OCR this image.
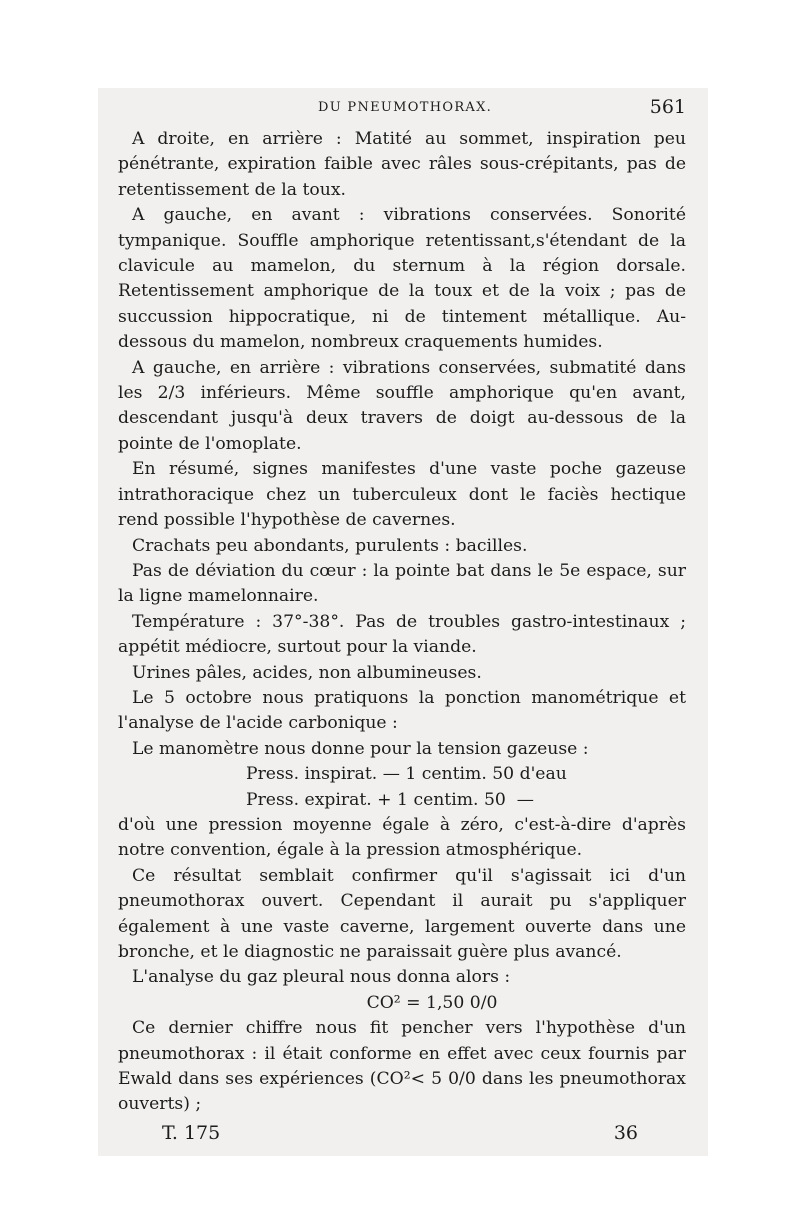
DU PNEUMOTHORAX.	561

A droite, en arrière : Matité au sommet, inspiration peu pénétrante, expiration faible avec râles sous-crépitants, pas de retentissement de la toux.

A gauche, en avant : vibrations conservées. Sonorité tympanique. Souffle amphorique retentissant,s'étendant de la clavicule au mamelon, du sternum à la région dorsale. Retentissement amphorique de la toux et de la voix ; pas de succussion hippocratique, ni de tintement métallique. Au-dessous du mamelon, nombreux craquements humides.

A gauche, en arrière : vibrations conservées, submatité dans les 2/3 inférieurs. Même souffle amphorique qu'en avant, descendant jusqu'à deux travers de doigt au-dessous de la pointe de l'omoplate.

En résumé, signes manifestes d'une vaste poche gazeuse intrathoracique chez un tuberculeux dont le faciès hectique rend possible l'hypothèse de cavernes.

Crachats peu abondants, purulents : bacilles.

Pas de déviation du cœur : la pointe bat dans le 5e espace, sur la ligne mamelonnaire.

Température : 37°-38°. Pas de troubles gastro-intestinaux ; appétit médiocre, surtout pour la viande.

Urines pâles, acides, non albumineuses.

Le 5 octobre nous pratiquons la ponction manométrique et l'analyse de l'acide carbonique :

Le manomètre nous donne pour la tension gazeuse :

Press. inspirat. — 1 centim. 50 d'eau
Press. expirat. + 1 centim. 50  —

d'où une pression moyenne égale à zéro, c'est-à-dire d'après notre convention, égale à la pression atmosphérique.

Ce résultat semblait confirmer qu'il s'agissait ici d'un pneumothorax ouvert. Cependant il aurait pu s'appliquer également à une vaste caverne, largement ouverte dans une bronche, et le diagnostic ne paraissait guère plus avancé.

L'analyse du gaz pleural nous donna alors :

CO² = 1,50 0/0

Ce dernier chiffre nous fit pencher vers l'hypothèse d'un pneumothorax : il était conforme en effet avec ceux fournis par Ewald dans ses expériences (CO²< 5 0/0 dans les pneumothorax ouverts) ;

T. 175	36
